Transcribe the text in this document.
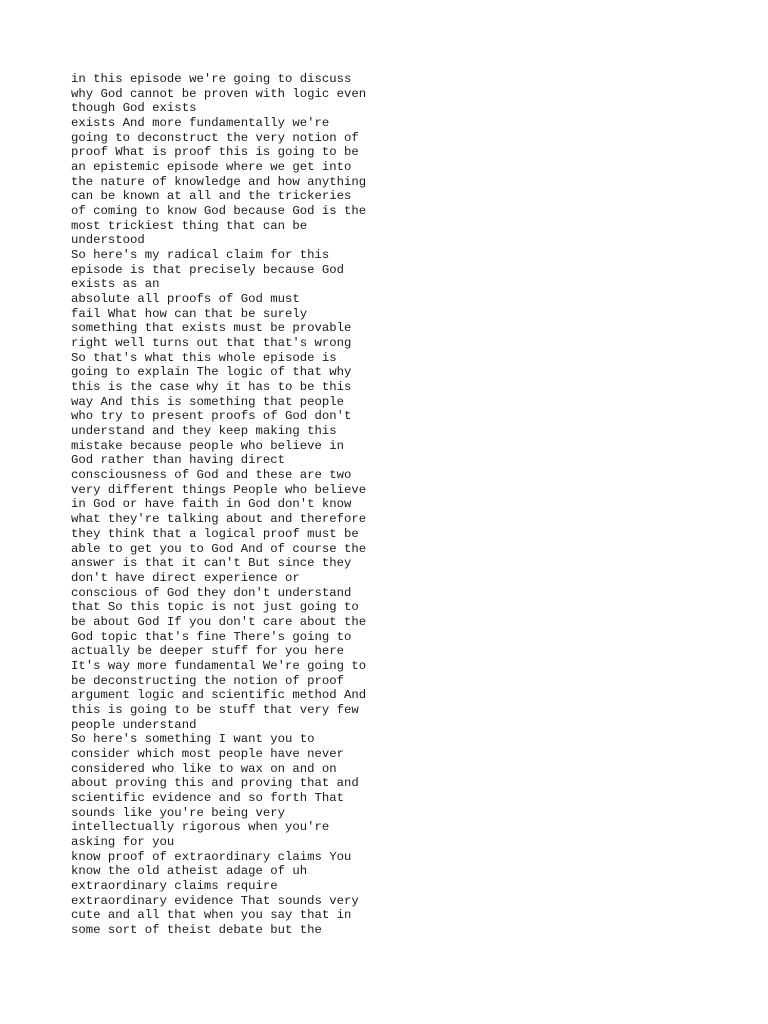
in this episode we're going to discuss
why God cannot be proven with logic even
though God exists
exists And more fundamentally we're
going to deconstruct the very notion of
proof What is proof this is going to be
an epistemic episode where we get into
the nature of knowledge and how anything
can be known at all and the trickeries
of coming to know God because God is the
most trickiest thing that can be
understood
So here's my radical claim for this
episode is that precisely because God
exists as an
absolute all proofs of God must
fail What how can that be surely
something that exists must be provable
right well turns out that that's wrong
So that's what this whole episode is
going to explain The logic of that why
this is the case why it has to be this
way And this is something that people
who try to present proofs of God don't
understand and they keep making this
mistake because people who believe in
God rather than having direct
consciousness of God and these are two
very different things People who believe
in God or have faith in God don't know
what they're talking about and therefore
they think that a logical proof must be
able to get you to God And of course the
answer is that it can't But since they
don't have direct experience or
conscious of God they don't understand
that So this topic is not just going to
be about God If you don't care about the
God topic that's fine There's going to
actually be deeper stuff for you here
It's way more fundamental We're going to
be deconstructing the notion of proof
argument logic and scientific method And
this is going to be stuff that very few
people understand
So here's something I want you to
consider which most people have never
considered who like to wax on and on
about proving this and proving that and
scientific evidence and so forth That
sounds like you're being very
intellectually rigorous when you're
asking for you
know proof of extraordinary claims You
know the old atheist adage of uh
extraordinary claims require
extraordinary evidence That sounds very
cute and all that when you say that in
some sort of theist debate but the
